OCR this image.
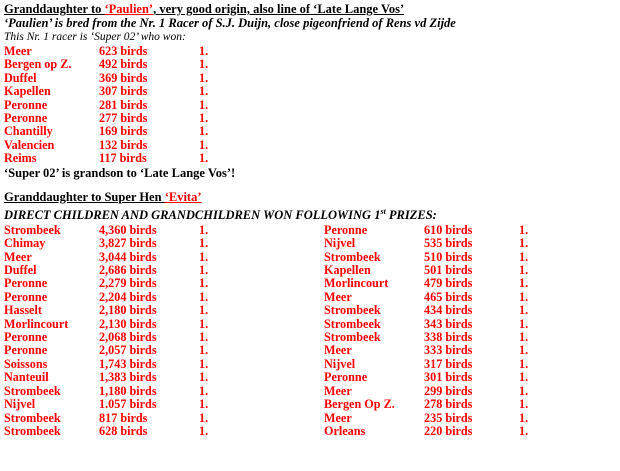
Granddaughter to ‘Paulien’, very good origin, also line of ‘Late Lange Vos’
‘Paulien’ is bred from the Nr. 1 Racer of S.J. Duijn, close pigeonfriend of Rens vd Zijde
This Nr. 1 racer is ‘Super 02’ who won:
Meer	623 birds	1.
Bergen op Z.	492 birds	1.
Duffel	369 birds	1.
Kapellen	307 birds	1.
Peronne	281 birds	1.
Peronne	277 birds	1.
Chantilly	169 birds	1.
Valencien	132 birds	1.
Reims	117 birds	1.
‘Super 02’ is grandson to ‘Late Lange Vos’!
Granddaughter to Super Hen ‘Evita’
DIRECT CHILDREN AND GRANDCHILDREN WON FOLLOWING 1st PRIZES:
Strombeek	4,360 birds	1.
Chimay	3,827 birds	1.
Meer	3,044 birds	1.
Duffel	2,686 birds	1.
Peronne	2,279 birds	1.
Peronne	2,204 birds	1.
Hasselt	2,180 birds	1.
Morlincourt	2,130 birds	1.
Peronne	2,068 birds	1.
Peronne	2,057 birds	1.
Soissons	1,743 birds	1.
Nanteuil	1,383 birds	1.
Strombeek	1,180 birds	1.
Nijvel	1.057 birds	1.
Strombeek	817 birds	1.
Strombeek	628 birds	1.
Peronne	610 birds	1.
Nijvel	535 birds	1.
Strombeek	510 birds	1.
Kapellen	501 birds	1.
Morlincourt	479 birds	1.
Meer	465 birds	1.
Strombeek	434 birds	1.
Strombeek	343 birds	1.
Strombeek	338 birds	1.
Meer	333 birds	1.
Nijvel	317 birds	1.
Peronne	301 birds	1.
Meer	299 birds	1.
Bergen Op Z.	278 birds	1.
Meer	235 birds	1.
Orleans	220 birds	1.
